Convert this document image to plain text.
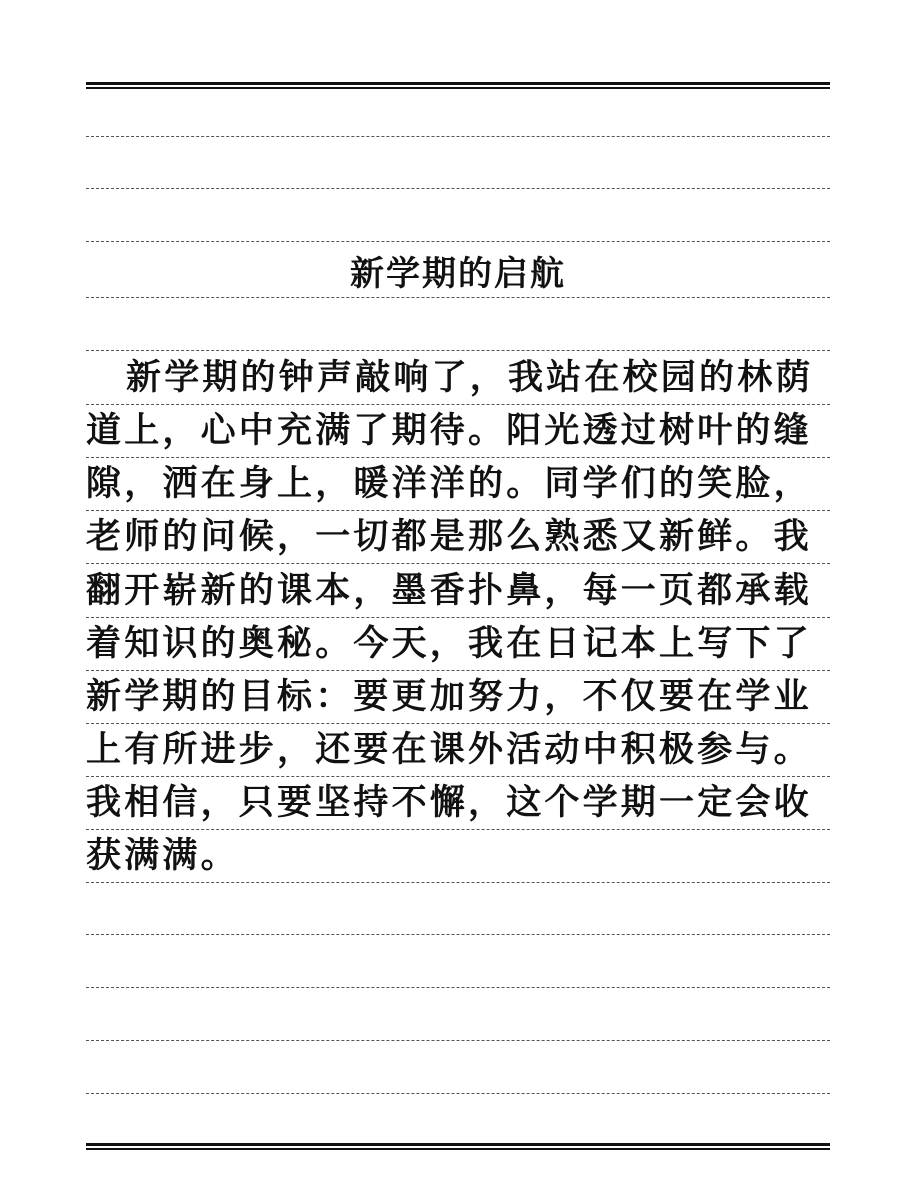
新学期的启航
新学期的钟声敲响了，我站在校园的林荫
道上，心中充满了期待。阳光透过树叶的缝
隙，洒在身上，暖洋洋的。同学们的笑脸，
老师的问候，一切都是那么熟悉又新鲜。我
翻开崭新的课本，墨香扑鼻，每一页都承载
着知识的奥秘。今天，我在日记本上写下了
新学期的目标：要更加努力，不仅要在学业
上有所进步，还要在课外活动中积极参与。
我相信，只要坚持不懈，这个学期一定会收
获满满。
